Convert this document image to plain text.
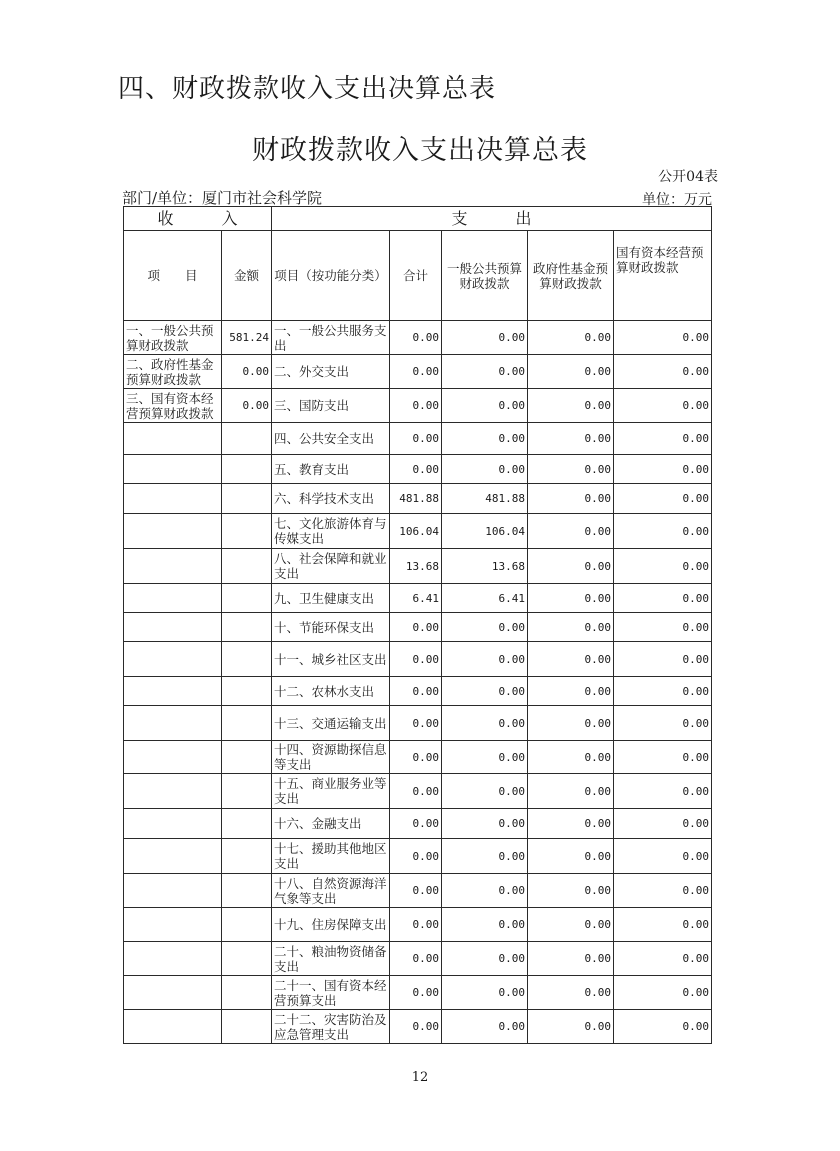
四、财政拨款收入支出决算总表
财政拨款收入支出决算总表
公开04表
部门/单位：厦门市社会科学院	单位：万元
收　　　入		支　　　出				
项　　目	金额	项目（按功能分类）	合计	一般公共预算财政拨款	政府性基金预算财政拨款	国有资本经营预算财政拨款
一、一般公共预算财政拨款	581.24	一、一般公共服务支出	0.00	0.00	0.00	0.00
二、政府性基金预算财政拨款	0.00	二、外交支出	0.00	0.00	0.00	0.00
三、国有资本经营预算财政拨款	0.00	三、国防支出	0.00	0.00	0.00	0.00
		四、公共安全支出	0.00	0.00	0.00	0.00
		五、教育支出	0.00	0.00	0.00	0.00
		六、科学技术支出	481.88	481.88	0.00	0.00
		七、文化旅游体育与传媒支出	106.04	106.04	0.00	0.00
		八、社会保障和就业支出	13.68	13.68	0.00	0.00
		九、卫生健康支出	6.41	6.41	0.00	0.00
		十、节能环保支出	0.00	0.00	0.00	0.00
		十一、城乡社区支出	0.00	0.00	0.00	0.00
		十二、农林水支出	0.00	0.00	0.00	0.00
		十三、交通运输支出	0.00	0.00	0.00	0.00
		十四、资源勘探信息等支出	0.00	0.00	0.00	0.00
		十五、商业服务业等支出	0.00	0.00	0.00	0.00
		十六、金融支出	0.00	0.00	0.00	0.00
		十七、援助其他地区支出	0.00	0.00	0.00	0.00
		十八、自然资源海洋气象等支出	0.00	0.00	0.00	0.00
		十九、住房保障支出	0.00	0.00	0.00	0.00
		二十、粮油物资储备支出	0.00	0.00	0.00	0.00
		二十一、国有资本经营预算支出	0.00	0.00	0.00	0.00
		二十二、灾害防治及应急管理支出	0.00	0.00	0.00	0.00
12
